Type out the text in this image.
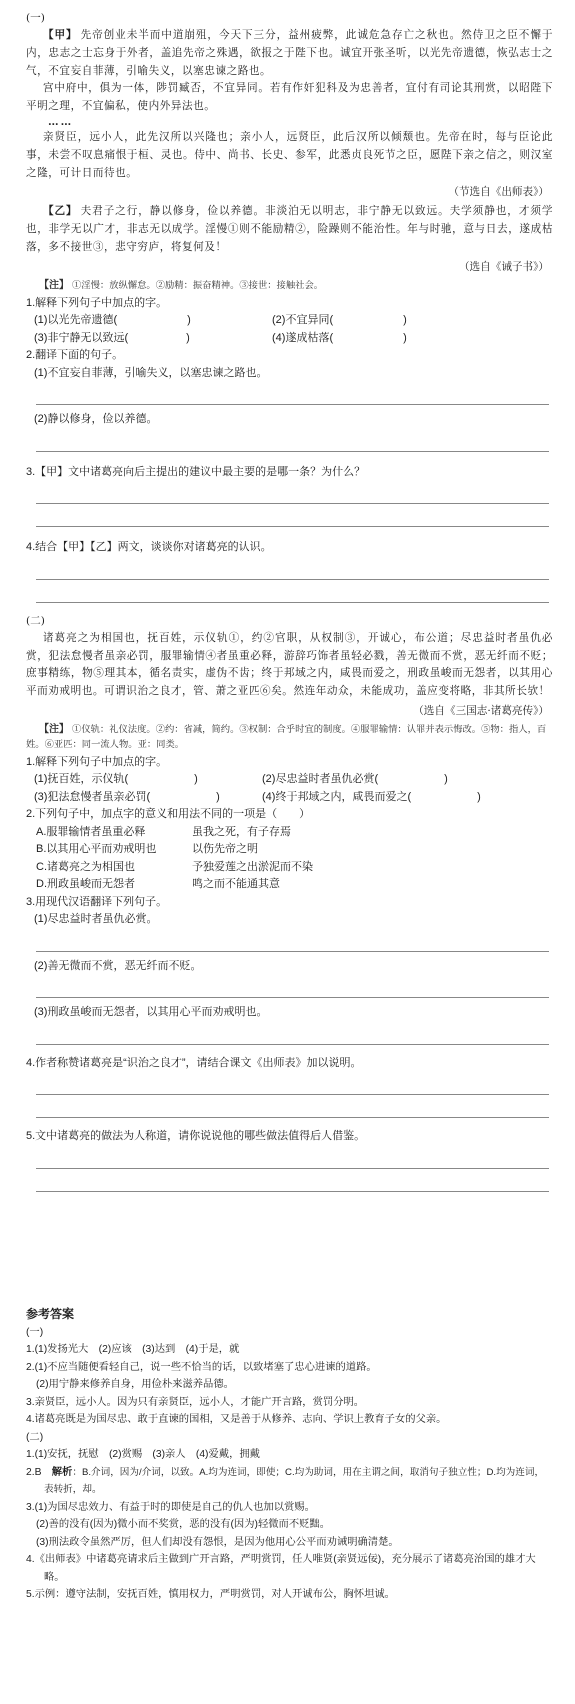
(一)

【甲】 先帝创业未半而中道崩殂，今天下三分，益州疲弊，此诚危急存亡之秋也。然侍卫之臣不懈于内，忠志之士忘身于外者，盖追先帝之殊遇，欲报之于陛下也。诚宜开张圣听，以光先帝遗德，恢弘志士之气，不宜妄自菲薄，引喻失义，以塞忠谏之路也。

宫中府中，俱为一体，陟罚臧否，不宜异同。若有作奸犯科及为忠善者，宜付有司论其刑赏，以昭陛下平明之理，不宜偏私，使内外异法也。

……

亲贤臣，远小人，此先汉所以兴隆也；亲小人，远贤臣，此后汉所以倾颓也。先帝在时，每与臣论此事，未尝不叹息痛恨于桓、灵也。侍中、尚书、长史、参军，此悉贞良死节之臣，愿陛下亲之信之，则汉室之隆，可计日而待也。

（节选自《出师表》）

【乙】 夫君子之行，静以修身，俭以养德。非淡泊无以明志，非宁静无以致远。夫学须静也，才须学也，非学无以广才，非志无以成学。淫慢①则不能励精②，险躁则不能治性。年与时驰，意与日去，遂成枯落，多不接世③，悲守穷庐，将复何及！

（选自《诫子书》）

【注】 ①淫慢：放纵懈怠。②励精：振奋精神。③接世：接触社会。

1.解释下列句子中加点的字。

(1)以光先帝遗德(	)	(2)不宜异同(	)
(3)非宁静无以致远(	)	(4)遂成枯落(	)

2.翻译下面的句子。

(1)不宜妄自菲薄，引喻失义，以塞忠谏之路也。

(2)静以修身，俭以养德。

3.【甲】文中诸葛亮向后主提出的建议中最主要的是哪一条？为什么？

4.结合【甲】【乙】两文，谈谈你对诸葛亮的认识。

(二)

诸葛亮之为相国也，抚百姓，示仪轨①，约②官职，从权制③，开诚心，布公道；尽忠益时者虽仇必赏，犯法怠慢者虽亲必罚，服罪输情④者虽重必释，游辞巧饰者虽轻必戮，善无微而不赏，恶无纤而不贬；庶事精练，物⑤理其本，循名责实，虚伪不齿；终于邦域之内，咸畏而爱之，刑政虽峻而无怨者，以其用心平而劝戒明也。可谓识治之良才，管、萧之亚匹⑥矣。然连年动众，未能成功，盖应变将略，非其所长欤！

（选自《三国志·诸葛亮传》）

【注】 ①仪轨：礼仪法度。②约：省减，简约。③权制：合乎时宜的制度。④服罪输情：认罪并表示悔改。⑤物：指人，百姓。⑥亚匹：同一流人物。亚：同类。

1.解释下列句子中加点的字。

(1)抚百姓，示仪轨(	)	(2)尽忠益时者虽仇必赏(	)
(3)犯法怠慢者虽亲必罚(	)	(4)终于邦域之内，咸畏而爱之(	)

2.下列句子中，加点字的意义和用法不同的一项是（　　）

A.服罪输情者虽重必释	虽我之死，有子存焉
B.以其用心平而劝戒明也	以伤先帝之明
C.诸葛亮之为相国也	予独爱莲之出淤泥而不染
D.刑政虽峻而无怨者	鸣之而不能通其意

3.用现代汉语翻译下列句子。

(1)尽忠益时者虽仇必赏。

(2)善无微而不赏，恶无纤而不贬。

(3)刑政虽峻而无怨者，以其用心平而劝戒明也。

4.作者称赞诸葛亮是“识治之良才”，请结合课文《出师表》加以说明。

5.文中诸葛亮的做法为人称道，请你说说他的哪些做法值得后人借鉴。

参考答案

(一)

1.(1)发扬光大　(2)应该　(3)达到　(4)于是，就

2.(1)不应当随便看轻自己，说一些不恰当的话，以致堵塞了忠心进谏的道路。

(2)用宁静来修养自身，用俭朴来滋养品德。

3.亲贤臣，远小人。因为只有亲贤臣，远小人，才能广开言路，赏罚分明。

4.诸葛亮既是为国尽忠、敢于直谏的国相，又是善于从修养、志向、学识上教育子女的父亲。

(二)

1.(1)安抚，抚慰　(2)赏赐　(3)亲人　(4)爱戴，拥戴

2.B　 解析：B.介词，因为/介词，以致。A.均为连词，即使；C.均为助词，用在主谓之间，取消句子独立性；D.均为连词，表转折，却。

3.(1)为国尽忠效力、有益于时的即使是自己的仇人也加以赏赐。

(2)善的没有(因为)微小而不奖赏，恶的没有(因为)轻微而不贬黜。

(3)刑法政令虽然严厉，但人们却没有怨恨，是因为他用心公平而劝诫明确清楚。

4.《出师表》中诸葛亮请求后主做到广开言路，严明赏罚，任人唯贤(亲贤远佞)，充分展示了诸葛亮治国的雄才大略。

5.示例：遵守法制，安抚百姓，慎用权力，严明赏罚，对人开诚布公，胸怀坦诚。
